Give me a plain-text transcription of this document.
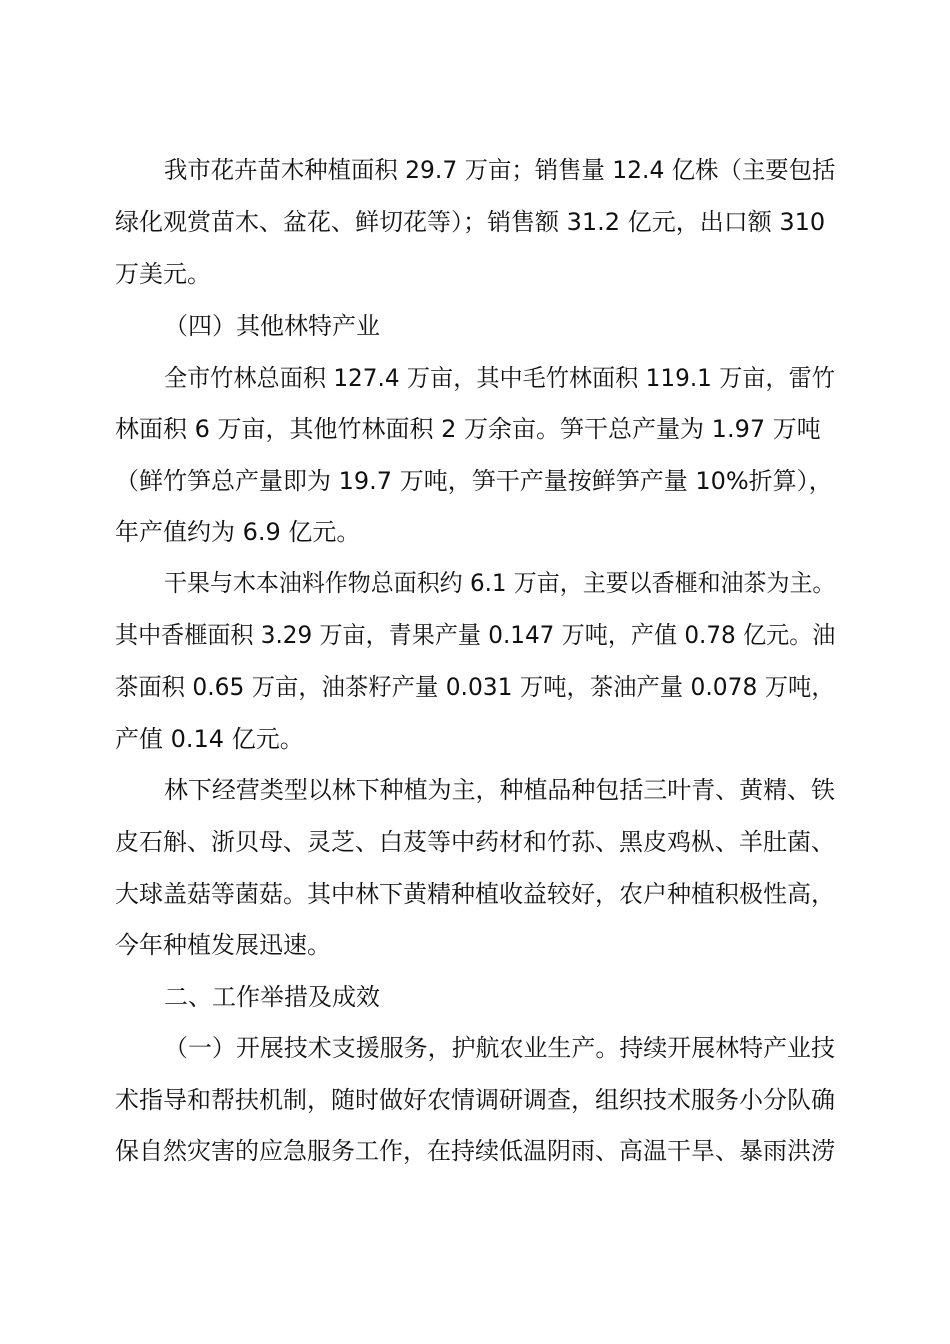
我市花卉苗木种植面积 29.7 万亩；销售量 12.4 亿株（主要包括
绿化观赏苗木、盆花、鲜切花等）；销售额 31.2 亿元，出口额 310
万美元。
（四）其他林特产业
全市竹林总面积 127.4 万亩，其中毛竹林面积 119.1 万亩，雷竹
林面积 6 万亩，其他竹林面积 2 万余亩。笋干总产量为 1.97 万吨
（鲜竹笋总产量即为 19.7 万吨，笋干产量按鲜笋产量 10%折算），
年产值约为 6.9 亿元。
干果与木本油料作物总面积约 6.1 万亩，主要以香榧和油茶为主。
其中香榧面积 3.29 万亩，青果产量 0.147 万吨，产值 0.78 亿元。油
茶面积 0.65 万亩，油茶籽产量 0.031 万吨，茶油产量 0.078 万吨，
产值 0.14 亿元。
林下经营类型以林下种植为主，种植品种包括三叶青、黄精、铁
皮石斛、浙贝母、灵芝、白芨等中药材和竹荪、黑皮鸡枞、羊肚菌、
大球盖菇等菌菇。其中林下黄精种植收益较好，农户种植积极性高，
今年种植发展迅速。
二、工作举措及成效
（一）开展技术支援服务，护航农业生产。持续开展林特产业技
术指导和帮扶机制，随时做好农情调研调查，组织技术服务小分队确
保自然灾害的应急服务工作，在持续低温阴雨、高温干旱、暴雨洪涝
